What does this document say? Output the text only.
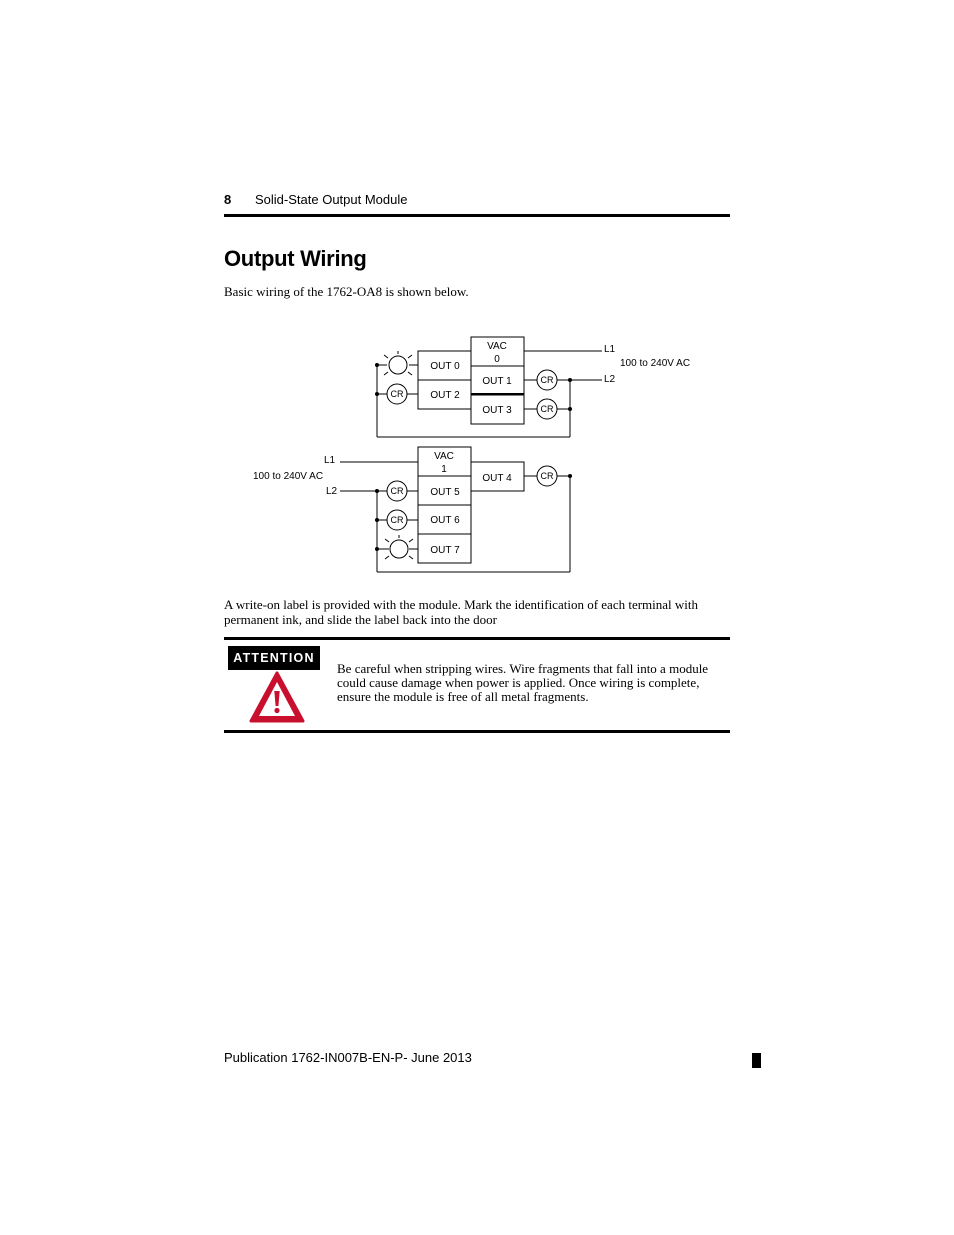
8 Solid-State Output Module
Output Wiring
Basic wiring of the 1762-OA8 is shown below.
VAC
0
OUT 0
OUT 1
OUT 2
OUT 3
CR
CR
CR
L1
L2
100 to 240V AC
VAC
1
OUT 4
OUT 5
OUT 6
OUT 7
CR
CR
CR
L1
L2
100 to 240V AC
A write-on label is provided with the module. Mark the identification of each terminal with permanent ink, and slide the label back into the door
ATTENTION
Be careful when stripping wires. Wire fragments that fall into a module could cause damage when power is applied. Once wiring is complete, ensure the module is free of all metal fragments.
Publication 1762-IN007B-EN-P- June 2013
